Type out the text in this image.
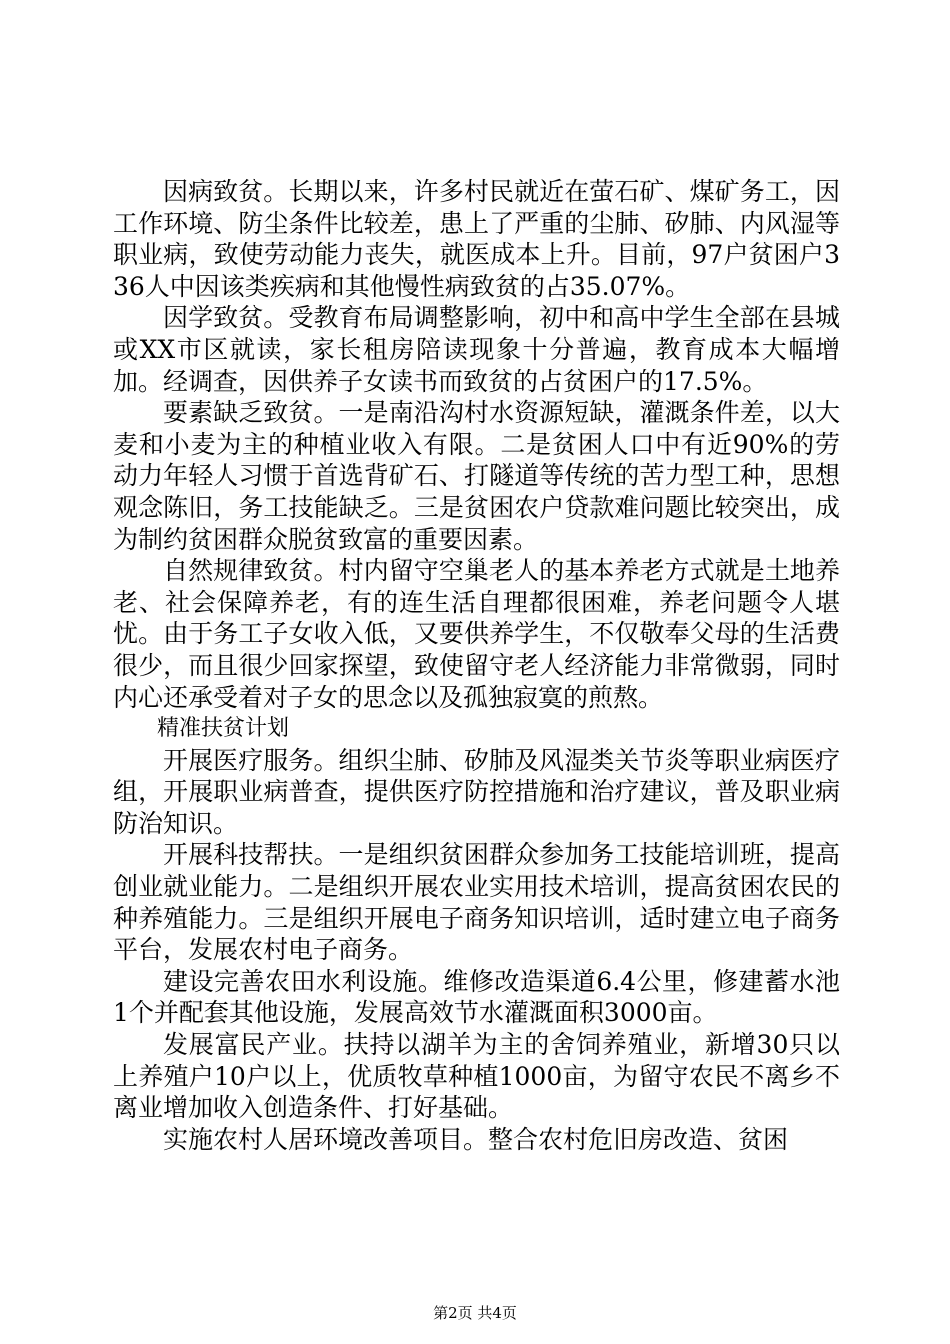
因病致贫。长期以来，许多村民就近在萤石矿、煤矿务工，因工作环境、防尘条件比较差，患上了严重的尘肺、矽肺、内风湿等职业病，致使劳动能力丧失，就医成本上升。目前，97户贫困户336人中因该类疾病和其他慢性病致贫的占35.07%。

因学致贫。受教育布局调整影响，初中和高中学生全部在县城或XX市区就读，家长租房陪读现象十分普遍，教育成本大幅增加。经调查，因供养子女读书而致贫的占贫困户的17.5%。

要素缺乏致贫。一是南沿沟村水资源短缺，灌溉条件差，以大麦和小麦为主的种植业收入有限。二是贫困人口中有近90%的劳动力年轻人习惯于首选背矿石、打隧道等传统的苦力型工种，思想观念陈旧，务工技能缺乏。三是贫困农户贷款难问题比较突出，成为制约贫困群众脱贫致富的重要因素。

自然规律致贫。村内留守空巢老人的基本养老方式就是土地养老、社会保障养老，有的连生活自理都很困难，养老问题令人堪忧。由于务工子女收入低，又要供养学生，不仅敬奉父母的生活费很少，而且很少回家探望，致使留守老人经济能力非常微弱，同时内心还承受着对子女的思念以及孤独寂寞的煎熬。

精准扶贫计划

开展医疗服务。组织尘肺、矽肺及风湿类关节炎等职业病医疗组，开展职业病普查，提供医疗防控措施和治疗建议，普及职业病防治知识。

开展科技帮扶。一是组织贫困群众参加务工技能培训班，提高创业就业能力。二是组织开展农业实用技术培训，提高贫困农民的种养殖能力。三是组织开展电子商务知识培训，适时建立电子商务平台，发展农村电子商务。

建设完善农田水利设施。维修改造渠道6.4公里，修建蓄水池1个并配套其他设施，发展高效节水灌溉面积3000亩。

发展富民产业。扶持以湖羊为主的舍饲养殖业，新增30只以上养殖户10户以上，优质牧草种植1000亩，为留守农民不离乡不离业增加收入创造条件、打好基础。

实施农村人居环境改善项目。整合农村危旧房改造、贫困

第2页 共4页
